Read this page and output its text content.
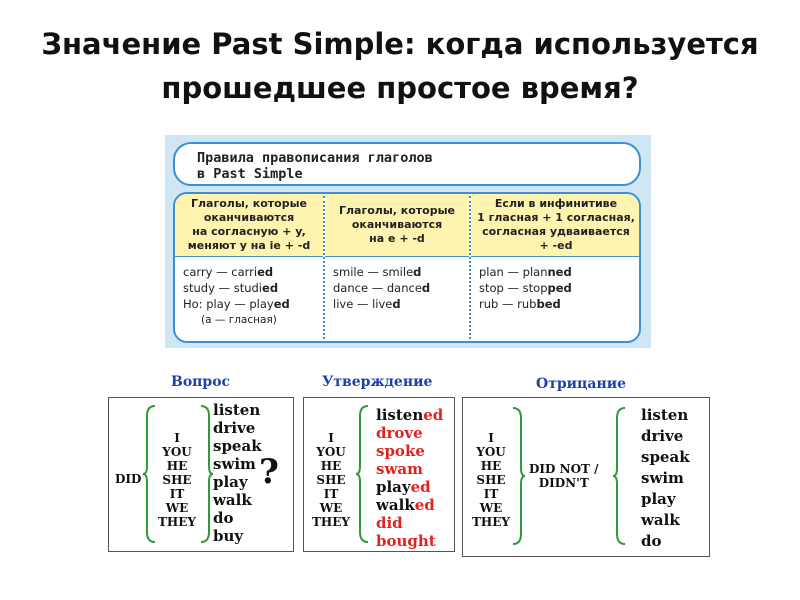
Значение Past Simple: когда используется прошедшее простое время?
Правила правописания глаголов
в Past Simple
Глаголы, которые
оканчиваются
на согласную + y,
меняют y на ie + -d
carry — carried
study — studied
Но: play — played
(a — гласная)
Глаголы, которые
оканчиваются
на е + -d
smile — smiled
dance — danced
live — lived
Если в инфинитиве
1 гласная + 1 согласная,
согласная удваивается
+ -ed
plan — planned
stop — stopped
rub — rubbed
Вопрос
DID
I
YOU
HE
SHE
IT
WE
THEY
listen
drive
speak
swim
play
walk
do
buy
?
Утверждение
I
YOU
HE
SHE
IT
WE
THEY
listened
drove
spoke
swam
played
walked
did
bought
Отрицание
I
YOU
HE
SHE
IT
WE
THEY
DID NOT /
DIDN'T
listen
drive
speak
swim
play
walk
do
